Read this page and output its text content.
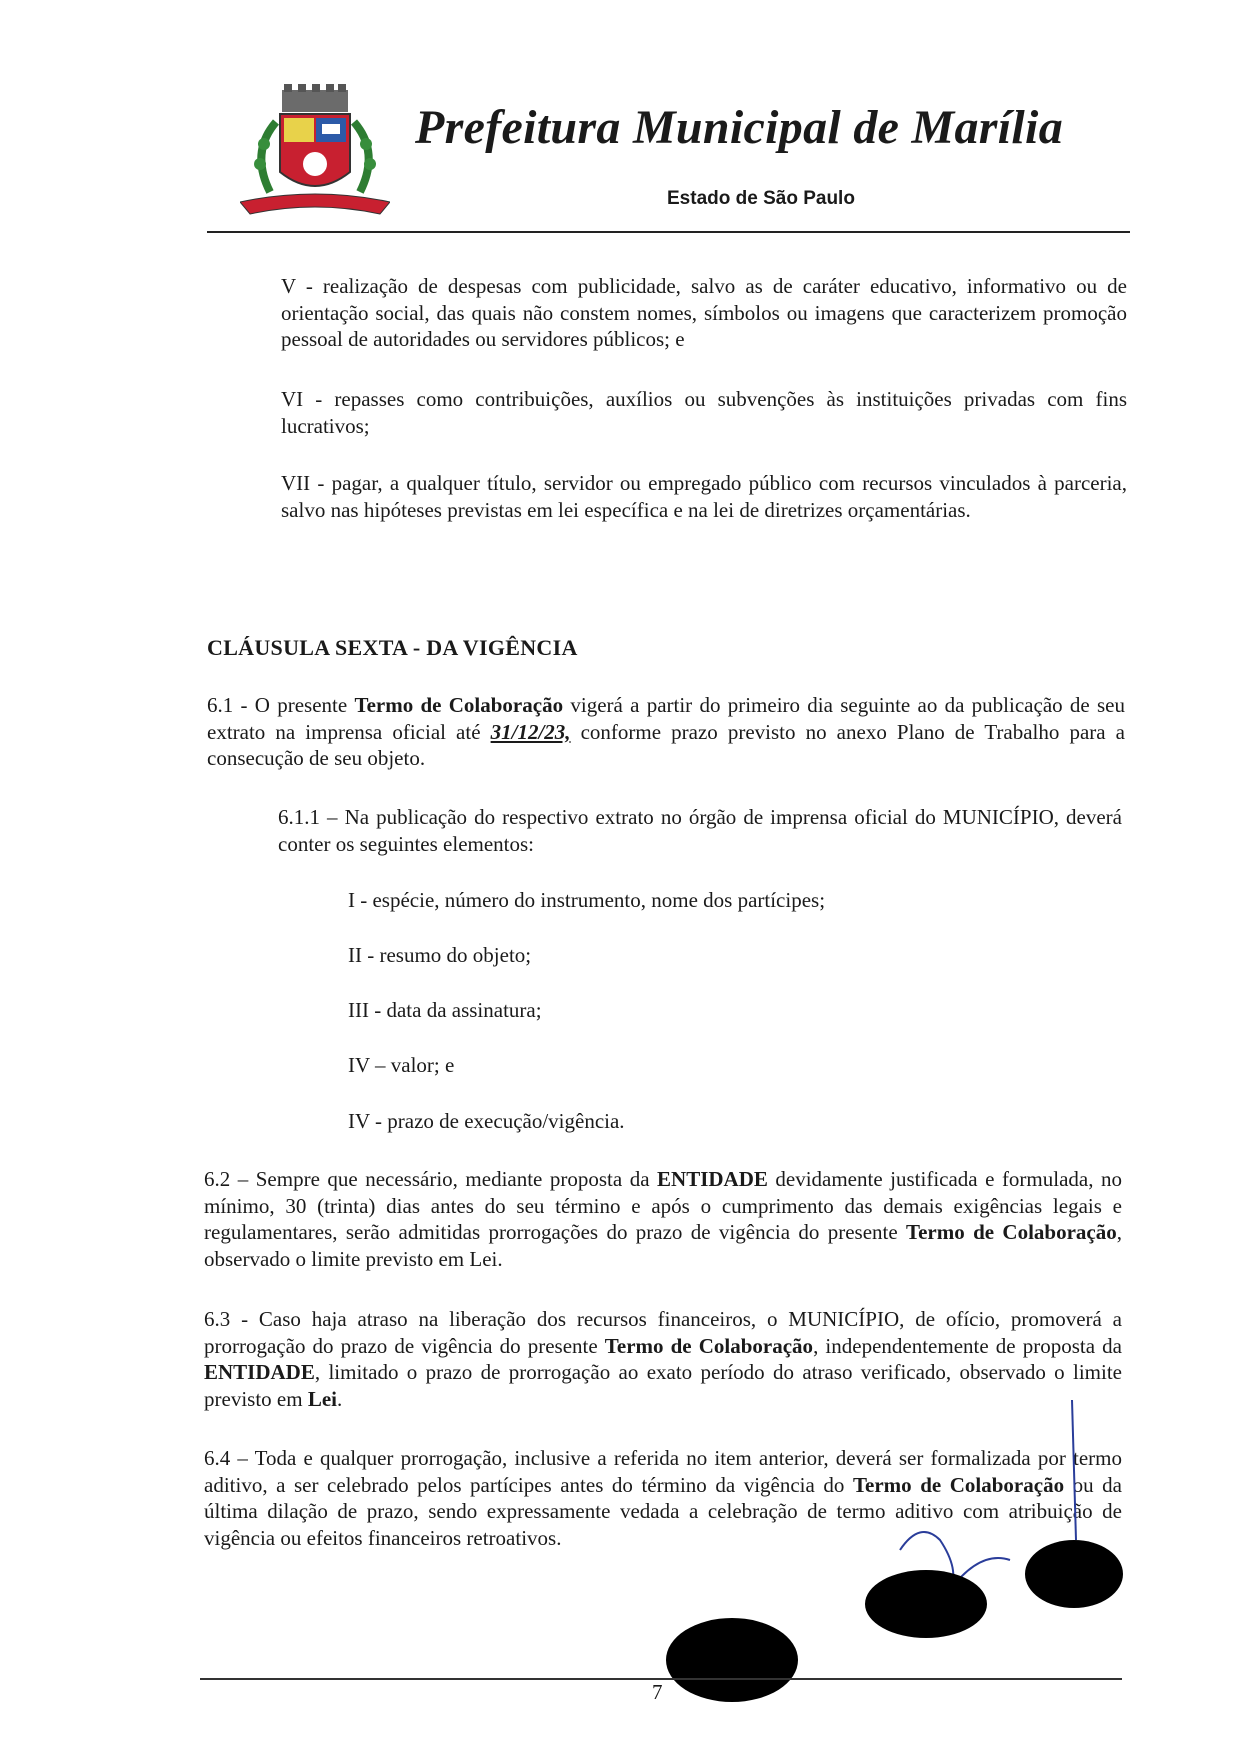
Prefeitura Municipal de Marília
Estado de São Paulo
V - realização de despesas com publicidade, salvo as de caráter educativo, informativo ou de orientação social, das quais não constem nomes, símbolos ou imagens que caracterizem promoção pessoal de autoridades ou servidores públicos; e
VI - repasses como contribuições, auxílios ou subvenções às instituições privadas com fins lucrativos;
VII - pagar, a qualquer título, servidor ou empregado público com recursos vinculados à parceria, salvo nas hipóteses previstas em lei específica e na lei de diretrizes orçamentárias.
CLÁUSULA SEXTA - DA VIGÊNCIA
6.1 - O presente Termo de Colaboração vigerá a partir do primeiro dia seguinte ao da publicação de seu extrato na imprensa oficial até 31/12/23, conforme prazo previsto no anexo Plano de Trabalho para a consecução de seu objeto.
6.1.1 – Na publicação do respectivo extrato no órgão de imprensa oficial do MUNICÍPIO, deverá conter os seguintes elementos:
I - espécie, número do instrumento, nome dos partícipes;
II - resumo do objeto;
III - data da assinatura;
IV – valor; e
IV - prazo de execução/vigência.
6.2 – Sempre que necessário, mediante proposta da ENTIDADE devidamente justificada e formulada, no mínimo, 30 (trinta) dias antes do seu término e após o cumprimento das demais exigências legais e regulamentares, serão admitidas prorrogações do prazo de vigência do presente Termo de Colaboração, observado o limite previsto em Lei.
6.3 - Caso haja atraso na liberação dos recursos financeiros, o MUNICÍPIO, de ofício, promoverá a prorrogação do prazo de vigência do presente Termo de Colaboração, independentemente de proposta da ENTIDADE, limitado o prazo de prorrogação ao exato período do atraso verificado, observado o limite previsto em Lei.
6.4 – Toda e qualquer prorrogação, inclusive a referida no item anterior, deverá ser formalizada por termo aditivo, a ser celebrado pelos partícipes antes do término da vigência do Termo de Colaboração ou da última dilação de prazo, sendo expressamente vedada a celebração de termo aditivo com atribuição de vigência ou efeitos financeiros retroativos.
7
